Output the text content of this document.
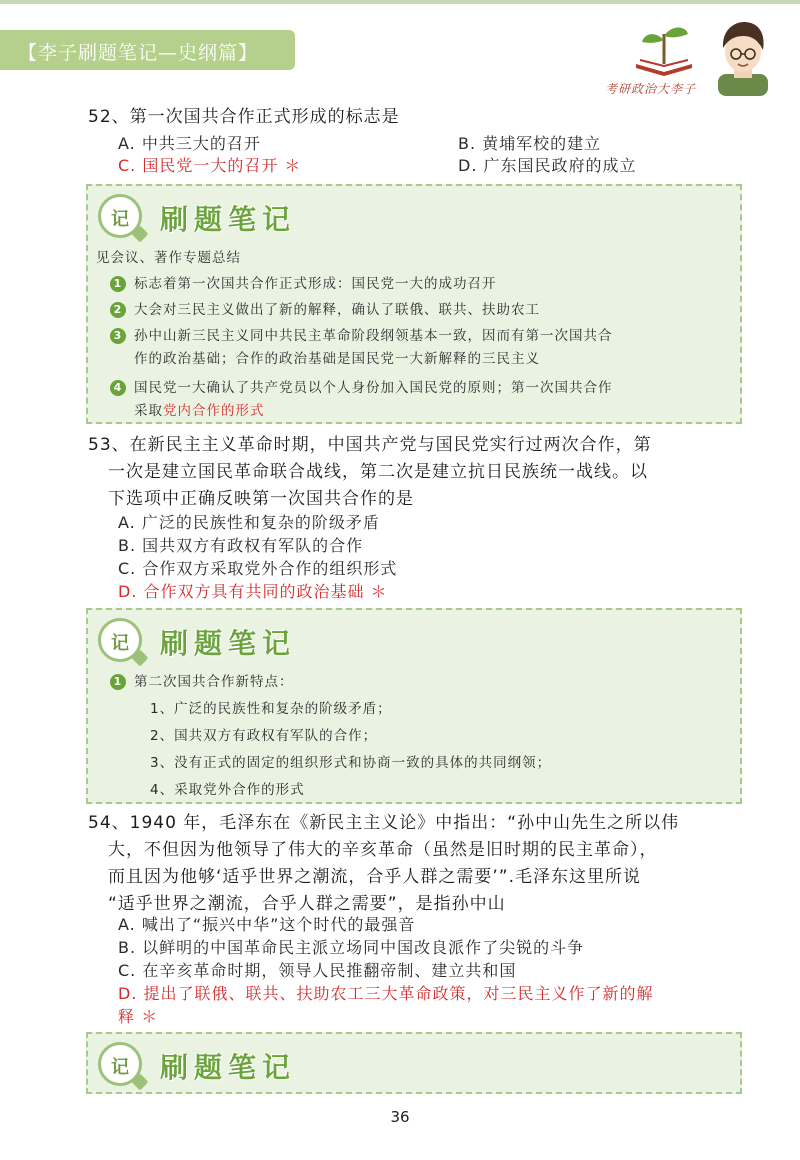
【李子刷题笔记—史纲篇】
考研政治大李子
52、第一次国共合作正式形成的标志是
A. 中共三大的召开	B. 黄埔军校的建立
C. 国民党一大的召开 ＊	D. 广东国民政府的成立
记	刷题笔记
见会议、著作专题总结
1 标志着第一次国共合作正式形成：国民党一大的成功召开
2 大会对三民主义做出了新的解释，确认了联俄、联共、扶助农工
3 孙中山新三民主义同中共民主革命阶段纲领基本一致，因而有第一次国共合
作的政治基础；合作的政治基础是国民党一大新解释的三民主义
4 国民党一大确认了共产党员以个人身份加入国民党的原则；第一次国共合作
采取党内合作的形式
53、在新民主主义革命时期，中国共产党与国民党实行过两次合作，第
一次是建立国民革命联合战线，第二次是建立抗日民族统一战线。以
下选项中正确反映第一次国共合作的是
A. 广泛的民族性和复杂的阶级矛盾
B. 国共双方有政权有军队的合作
C. 合作双方采取党外合作的组织形式
D. 合作双方具有共同的政治基础 ＊
记	刷题笔记
1 第二次国共合作新特点：
1、广泛的民族性和复杂的阶级矛盾；
2、国共双方有政权有军队的合作；
3、没有正式的固定的组织形式和协商一致的具体的共同纲领；
4、采取党外合作的形式
54、1940 年，毛泽东在《新民主主义论》中指出：“孙中山先生之所以伟
大，不但因为他领导了伟大的辛亥革命（虽然是旧时期的民主革命），
而且因为他够‘适乎世界之潮流，合乎人群之需要’”.毛泽东这里所说
“适乎世界之潮流，合乎人群之需要”，是指孙中山
A. 喊出了“振兴中华”这个时代的最强音
B. 以鲜明的中国革命民主派立场同中国改良派作了尖锐的斗争
C. 在辛亥革命时期，领导人民推翻帝制、建立共和国
D. 提出了联俄、联共、扶助农工三大革命政策，对三民主义作了新的解
释 ＊
记	刷题笔记
36
